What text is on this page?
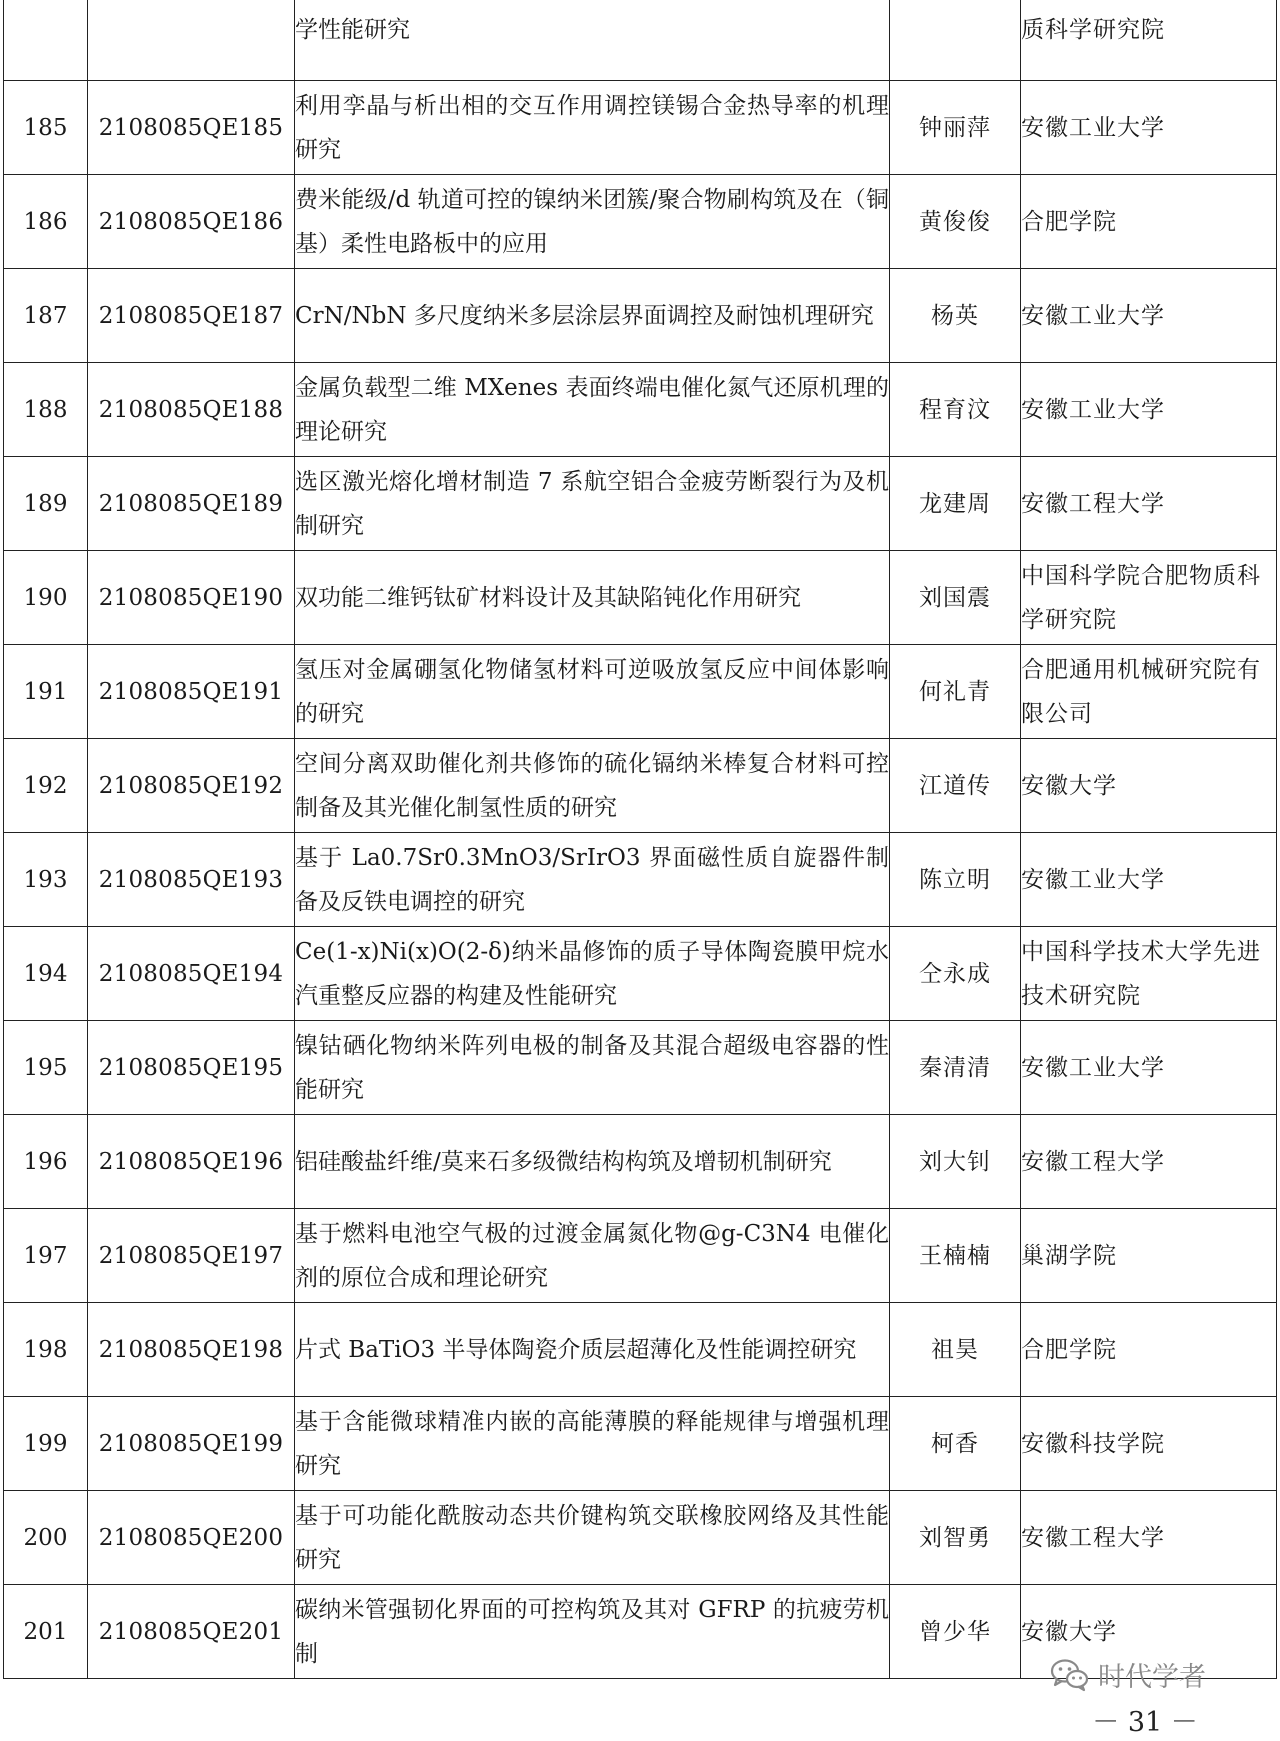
		学性能研究		质科学研究院
185	2108085QE185	利用孪晶与析出相的交互作用调控镁锡合金热导率的机理研究	钟丽萍	安徽工业大学
186	2108085QE186	费米能级/d 轨道可控的镍纳米团簇/聚合物刷构筑及在（铜基）柔性电路板中的应用	黄俊俊	合肥学院
187	2108085QE187	CrN/NbN 多尺度纳米多层涂层界面调控及耐蚀机理研究	杨英	安徽工业大学
188	2108085QE188	金属负载型二维 MXenes 表面终端电催化氮气还原机理的理论研究	程育汶	安徽工业大学
189	2108085QE189	选区激光熔化增材制造 7 系航空铝合金疲劳断裂行为及机制研究	龙建周	安徽工程大学
190	2108085QE190	双功能二维钙钛矿材料设计及其缺陷钝化作用研究	刘国震	中国科学院合肥物质科学研究院
191	2108085QE191	氢压对金属硼氢化物储氢材料可逆吸放氢反应中间体影响的研究	何礼青	合肥通用机械研究院有限公司
192	2108085QE192	空间分离双助催化剂共修饰的硫化镉纳米棒复合材料可控制备及其光催化制氢性质的研究	江道传	安徽大学
193	2108085QE193	基于 La0.7Sr0.3MnO3/SrIrO3 界面磁性质自旋器件制备及反铁电调控的研究	陈立明	安徽工业大学
194	2108085QE194	Ce(1-x)Ni(x)O(2-δ)纳米晶修饰的质子导体陶瓷膜甲烷水汽重整反应器的构建及性能研究	仝永成	中国科学技术大学先进技术研究院
195	2108085QE195	镍钴硒化物纳米阵列电极的制备及其混合超级电容器的性能研究	秦清清	安徽工业大学
196	2108085QE196	铝硅酸盐纤维/莫来石多级微结构构筑及增韧机制研究	刘大钊	安徽工程大学
197	2108085QE197	基于燃料电池空气极的过渡金属氮化物@g-C3N4 电催化剂的原位合成和理论研究	王楠楠	巢湖学院
198	2108085QE198	片式 BaTiO3 半导体陶瓷介质层超薄化及性能调控研究	祖昊	合肥学院
199	2108085QE199	基于含能微球精准内嵌的高能薄膜的释能规律与增强机理研究	柯香	安徽科技学院
200	2108085QE200	基于可功能化酰胺动态共价键构筑交联橡胶网络及其性能研究	刘智勇	安徽工程大学
201	2108085QE201	碳纳米管强韧化界面的可控构筑及其对 GFRP 的抗疲劳机制	曾少华	安徽大学
时代学者
－ 31 －
